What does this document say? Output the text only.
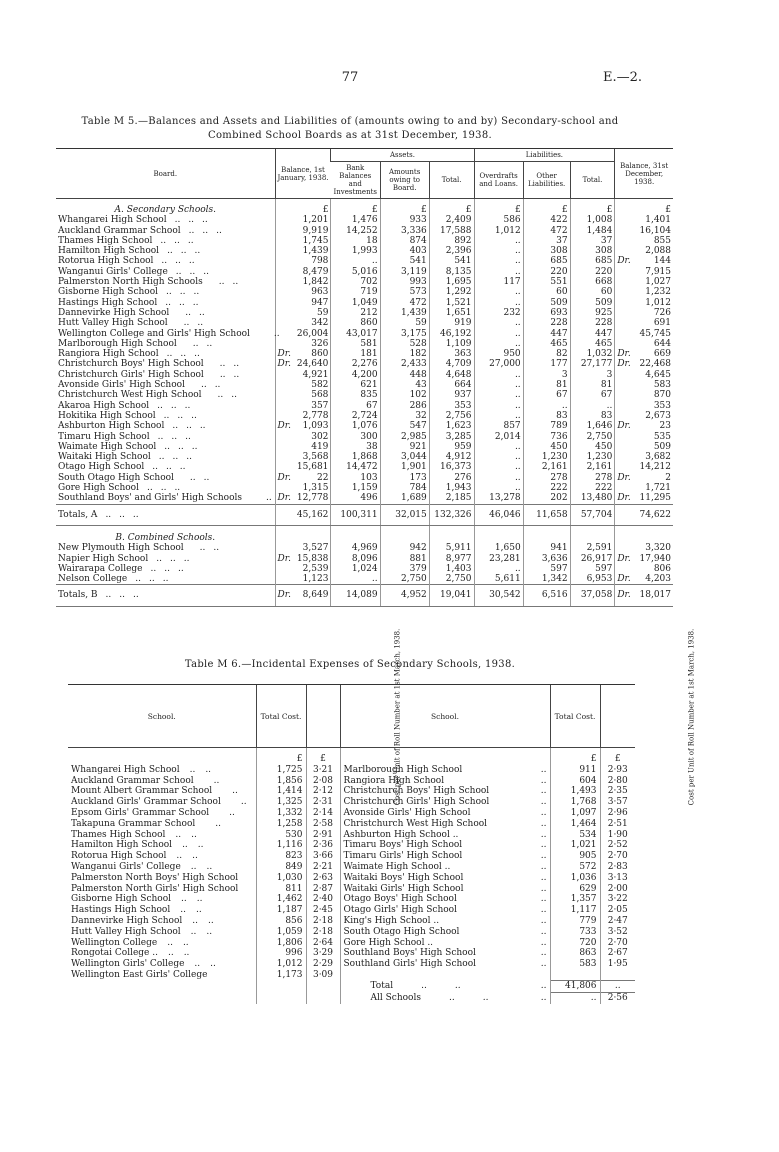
77	E.—2.
Table M 5.—Balances and Assets and Liabilities of (amounts owing to and by) Secondary-school and
Combined School Boards as at 31st December, 1938.
Board.	Balance, 1st January, 1938.	Assets.			Liabilities.			Balance, 31st December, 1938.
		Bank Balances and Investments	Amounts owing to Board.	Total.	Overdrafts and Loans.	Other Liabilities.	Total.	
A. Secondary Schools.	£	£	£	£	£	£	£	£
Whangarei High School .. .. ..	1,201	1,476	933	2,409	586	422	1,008	1,401
Auckland Grammar School .. .. ..	9,919	14,252	3,336	17,588	1,012	472	1,484	16,104
Thames High School .. .. ..	1,745	18	874	892	..	37	37	855
Hamilton High School .. .. ..	1,439	1,993	403	2,396	..	308	308	2,088
Rotorua High School .. .. ..	798	..	541	541	..	685	685	Dr. 144
Wanganui Girls' College .. .. ..	8,479	5,016	3,119	8,135	..	220	220	7,915
Palmerston North High Schools .. ..	1,842	702	993	1,695	117	551	668	1,027
Gisborne High School .. .. ..	963	719	573	1,292	..	60	60	1,232
Hastings High School .. .. ..	947	1,049	472	1,521	..	509	509	1,012
Dannevirke High School .. ..	59	212	1,439	1,651	232	693	925	726
Hutt Valley High School .. ..	342	860	59	919	..	228	228	691
Wellington College and Girls' High School ..	26,004	43,017	3,175	46,192	..	447	447	45,745
Marlborough High School .. ..	326	581	528	1,109	..	465	465	644
Rangiora High School .. .. ..	Dr. 860	181	182	363	950	82	1,032	Dr. 669
Christchurch Boys' High School .. ..	Dr. 24,640	2,276	2,433	4,709	27,000	177	27,177	Dr. 22,468
Christchurch Girls' High School .. ..	4,921	4,200	448	4,648	..	3	3	4,645
Avonside Girls' High School .. ..	582	621	43	664	..	81	81	583
Christchurch West High School .. ..	568	835	102	937	..	67	67	870
Akaroa High School .. .. ..	357	67	286	353	..	..	..	353
Hokitika High School .. .. ..	2,778	2,724	32	2,756	..	83	83	2,673
Ashburton High School .. .. ..	Dr. 1,093	1,076	547	1,623	857	789	1,646	Dr. 23
Timaru High School .. .. ..	302	300	2,985	3,285	2,014	736	2,750	535
Waimate High School .. .. ..	419	38	921	959	..	450	450	509
Waitaki High School .. .. ..	3,568	1,868	3,044	4,912	..	1,230	1,230	3,682
Otago High School .. .. ..	15,681	14,472	1,901	16,373	..	2,161	2,161	14,212
South Otago High School .. ..	Dr. 22	103	173	276	..	278	278	Dr. 2
Gore High School .. .. ..	1,315	1,159	784	1,943	..	222	222	1,721
Southland Boys' and Girls' High Schools ..	Dr. 12,778	496	1,689	2,185	13,278	202	13,480	Dr. 11,295
Totals, A .. .. ..	45,162	100,311	32,015	132,326	46,046	11,658	57,704	74,622
B. Combined Schools.								
New Plymouth High School .. ..	3,527	4,969	942	5,911	1,650	941	2,591	3,320
Napier High School .. .. ..	Dr. 15,838	8,096	881	8,977	23,281	3,636	26,917	Dr. 17,940
Wairarapa College .. .. ..	2,539	1,024	379	1,403	..	597	597	806
Nelson College .. .. ..	1,123	..	2,750	2,750	5,611	1,342	6,953	Dr. 4,203
Totals, B .. .. ..	Dr. 8,649	14,089	4,952	19,041	30,542	6,516	37,058	Dr. 18,017
Table M 6.—Incidental Expenses of Secondary Schools, 1938.
School.	Total Cost.	Cost per Unit of Roll Number at 1st March, 1938.	School.	Total Cost.	Cost per Unit of Roll Number at 1st March, 1938.
	£	£		£	£
Whangarei High School .. ..	1,725	3·21	Marlborough High School ..	911	2·93
Auckland Grammar School ..	1,856	2·08	Rangiora High School ..	604	2·80
Mount Albert Grammar School ..	1,414	2·12	Christchurch Boys' High School ..	1,493	2·35
Auckland Girls' Grammar School ..	1,325	2·31	Christchurch Girls' High School ..	1,768	3·57
Epsom Girls' Grammar School ..	1,332	2·14	Avonside Girls' High School ..	1,097	2·96
Takapuna Grammar School ..	1,258	2·58	Christchurch West High School ..	1,464	2·51
Thames High School .. ..	530	2·91	Ashburton High School .. ..	534	1·90
Hamilton High School .. ..	1,116	2·36	Timaru Boys' High School ..	1,021	2·52
Rotorua High School .. ..	823	3·66	Timaru Girls' High School ..	905	2·70
Wanganui Girls' College .. ..	849	2·21	Waimate High School .. ..	572	2·83
Palmerston North Boys' High School	1,030	2·63	Waitaki Boys' High School ..	1,036	3·13
Palmerston North Girls' High School	811	2·87	Waitaki Girls' High School ..	629	2·00
Gisborne High School .. ..	1,462	2·40	Otago Boys' High School ..	1,357	3·22
Hastings High School .. ..	1,187	2·45	Otago Girls' High School ..	1,117	2·05
Dannevirke High School .. ..	856	2·18	King's High School .. ..	779	2·47
Hutt Valley High School .. ..	1,059	2·18	South Otago High School ..	733	3·52
Wellington College .. ..	1,806	2·64	Gore High School .. ..	720	2·70
Rongotai College .. .. ..	996	3·29	Southland Boys' High School ..	863	2·67
Wellington Girls' College .. ..	1,012	2·29	Southland Girls' High School ..	583	1·95
Wellington East Girls' College	1,173	3·09	

			Total .. .. ..	41,806	..
			All Schools .. .. ..	..	2·56
